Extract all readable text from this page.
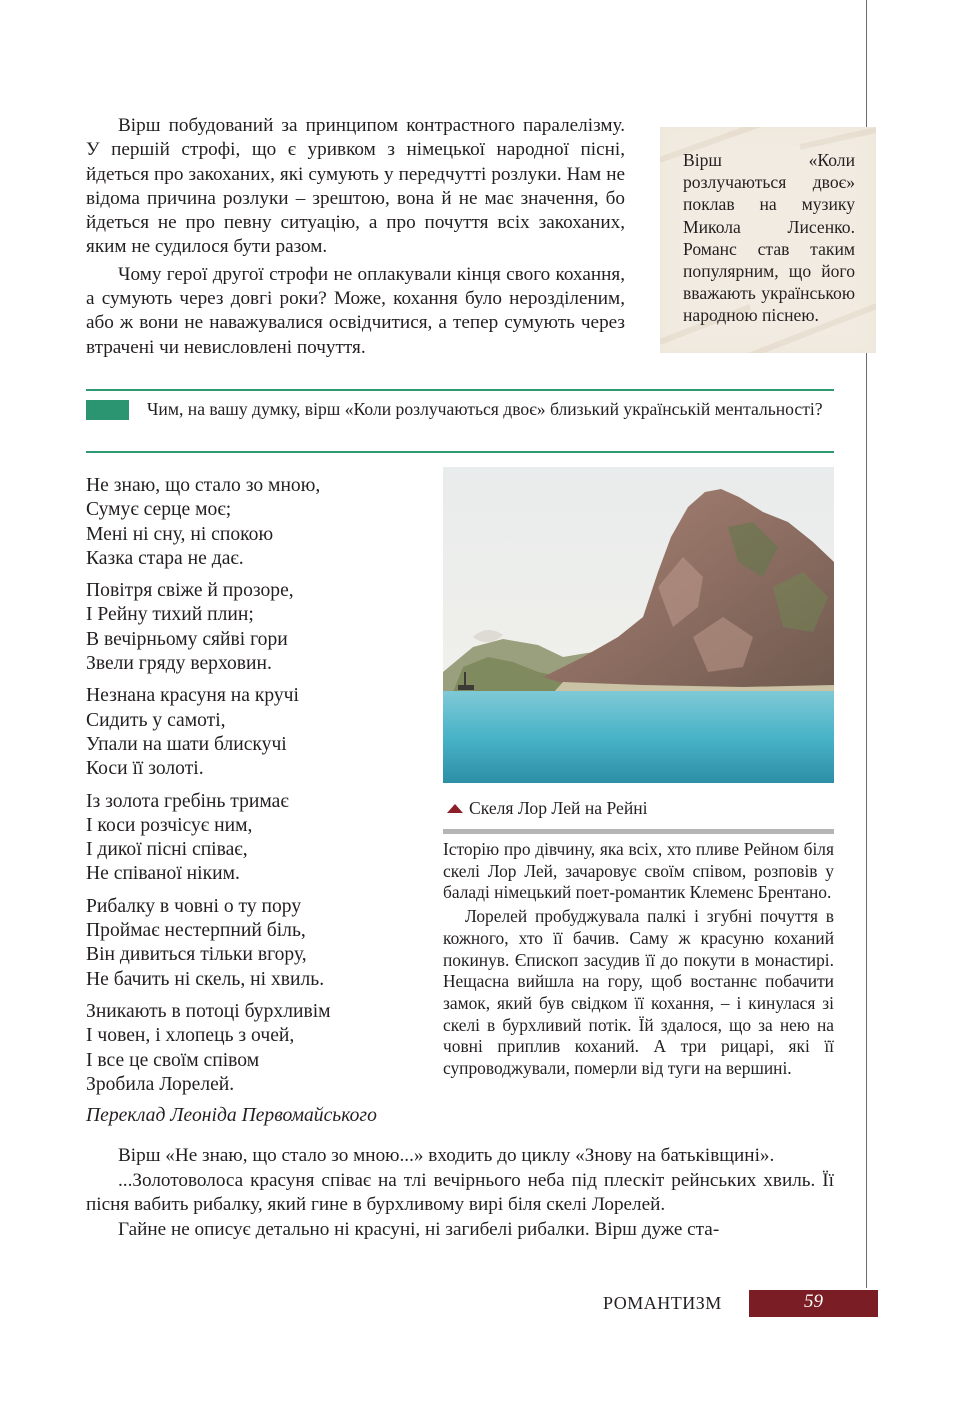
Вірш побудований за принципом контрастного паралелізму. У першій строфі, що є уривком з німецької народної пісні, йдеться про закоханих, які сумують у передчутті розлуки. Нам не відома причина розлуки – зрештою, вона й не має значення, бо йдеться не про певну ситуацію, а про почуття всіх закоханих, яким не судилося бути разом.

Чому герої другої строфи не оплакували кінця свого кохання, а сумують через довгі роки? Може, кохання було нерозділеним, або ж вони не наважувалися освідчитися, а тепер сумують через втрачені чи невисловлені почуття.

Вірш «Коли розлучаються двоє» поклав на музику Микола Лисенко. Романс став таким популярним, що його вважають українською народною піснею.
Чим, на вашу думку, вірш «Коли розлучаються двоє» близький українській ментальності?
Не знаю, що стало зо мною,
Сумує серце моє;
Мені ні сну, ні спокою
Казка стара не дає.
Повітря свіже й прозоре,
І Рейну тихий плин;
В вечірньому сяйві гори
Звели гряду верховин.
Незнана красуня на кручі
Сидить у самоті,
Упали на шати блискучі
Коси її золоті.
Із золота гребінь тримає
І коси розчісує ним,
І дикої пісні співає,
Не співаної ніким.
Рибалку в човні о ту пору
Проймає нестерпний біль,
Він дивиться тільки вгору,
Не бачить ні скель, ні хвиль.
Зникають в потоці бурхливім
І човен, і хлопець з очей,
І все це своїм співом
Зробила Лорелей.
Переклад Леоніда Первомайського
Скеля Лор Лей на Рейні

Історію про дівчину, яка всіх, хто пливе Рейном біля скелі Лор Лей, зачаровує своїм співом, розповів у баладі німецький поет-романтик Клеменс Брентано.

Лорелей пробуджувала палкі і згубні почуття в кожного, хто її бачив. Саму ж красуню коханий покинув. Єпископ засудив її до покути в монастирі. Нещасна вийшла на гору, щоб востаннє побачити замок, який був свідком її кохання, – і кинулася зі скелі в бурхливий потік. Їй здалося, що за нею на човні приплив коханий. А три рицарі, які її супроводжували, померли від туги на вершині.

Вірш «Не знаю, що стало зо мною...» входить до циклу «Знову на батьківщині».

...Золотоволоса красуня співає на тлі вечірнього неба під плескіт рейнських хвиль. Її пісня вабить рибалку, який гине в бурхливому вирі біля скелі Лорелей.

Гайне не описує детально ні красуні, ні загибелі рибалки. Вірш дуже ста-

РОМАНТИЗМ	59
